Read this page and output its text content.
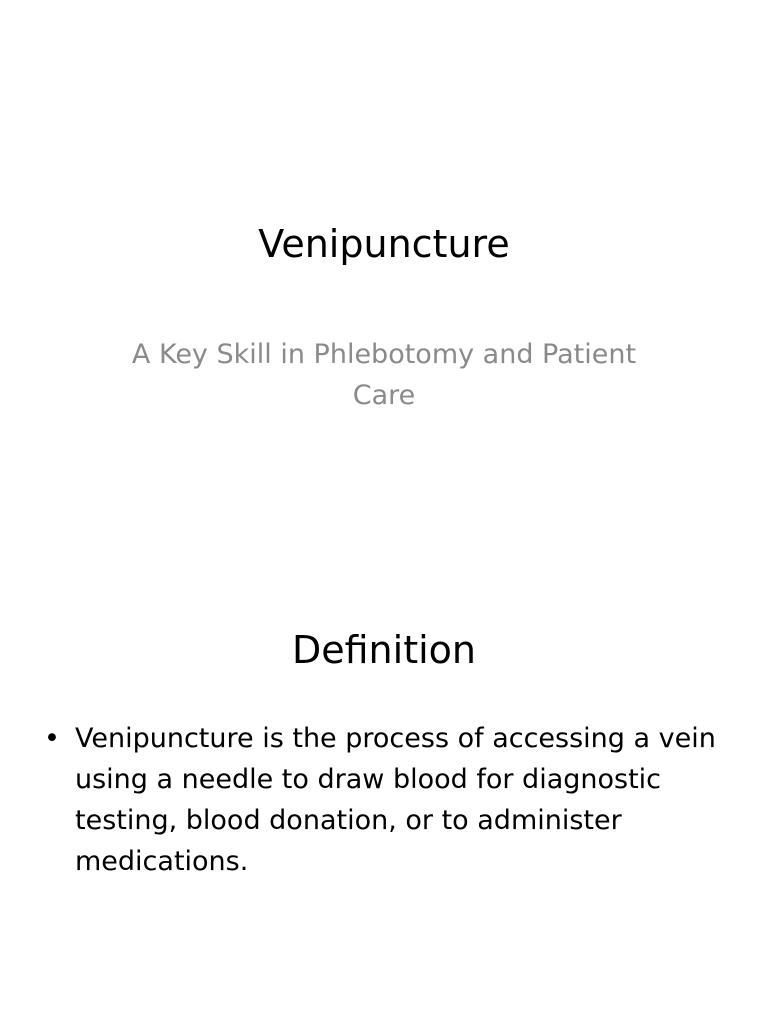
Venipuncture

A Key Skill in Phlebotomy and Patient Care

Definition
• Venipuncture is the process of accessing a vein using a needle to draw blood for diagnostic testing, blood donation, or to administer medications.
